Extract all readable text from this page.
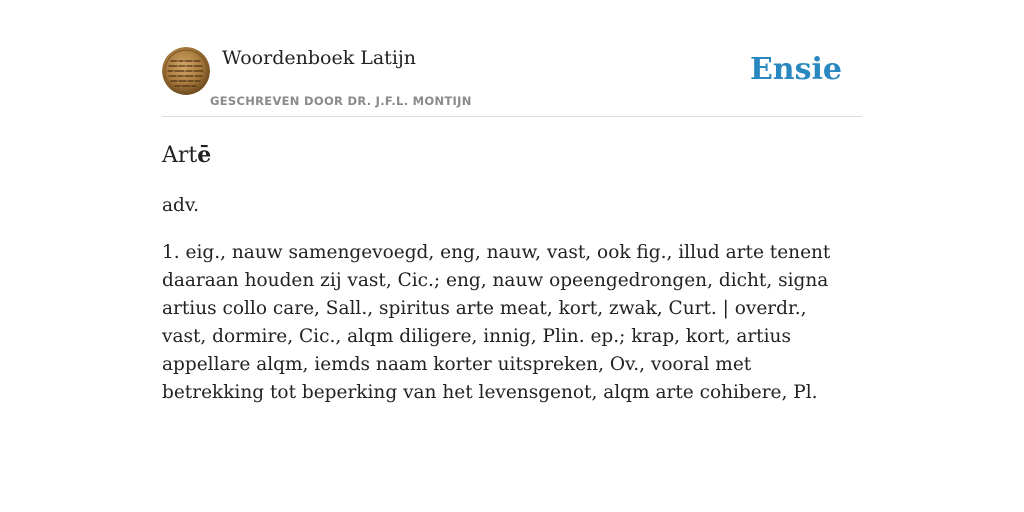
Woordenboek Latijn
GESCHREVEN DOOR DR. J.F.L. MONTIJN
Ensie
Artē

adv.

1. eig., nauw samengevoegd, eng, nauw, vast, ook fig., illud arte tenent daaraan houden zij vast, Cic.; eng, nauw opeengedrongen, dicht, signa artius collo care, Sall., spiritus arte meat, kort, zwak, Curt. | overdr., vast, dormire, Cic., alqm diligere, innig, Plin. ep.; krap, kort, artius appellare alqm, iemds naam korter uitspreken, Ov., vooral met betrekking tot beperking van het levensgenot, alqm arte cohibere, Pl.
